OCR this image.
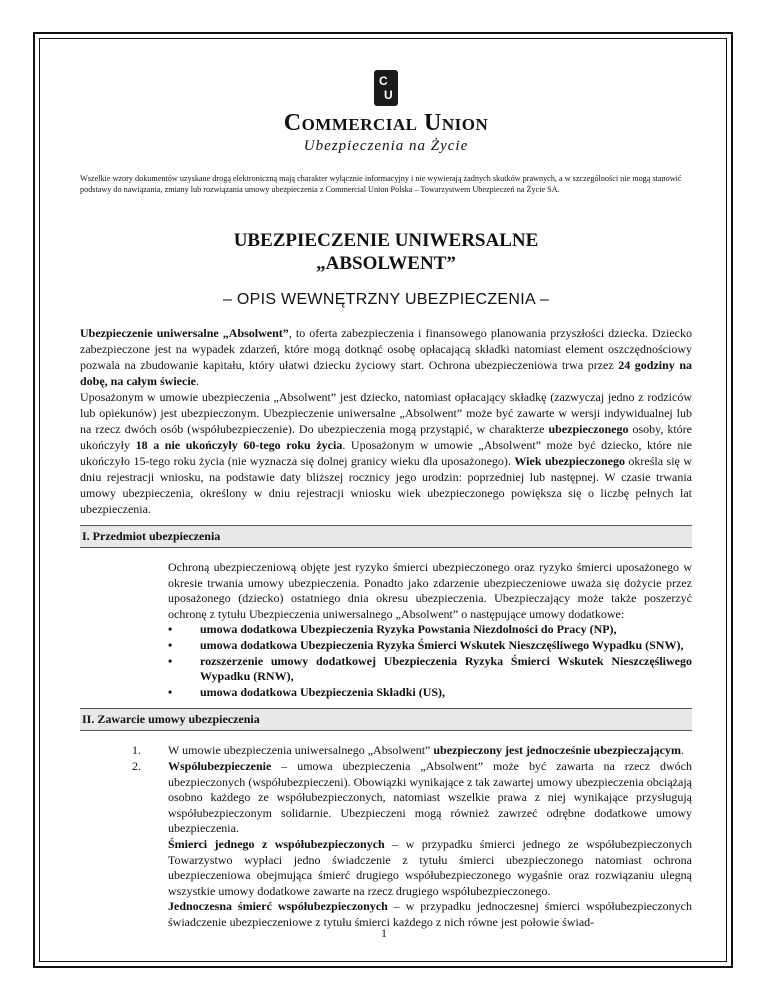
C
U
Commercial Union
Ubezpieczenia na Życie
Wszelkie wzory dokumentów uzyskane drogą elektroniczną mają charakter wyłącznie informacyjny i nie wywierają żadnych skutków prawnych, a w szczególności nie mogą stanowić podstawy do nawiązania, zmiany lub rozwiązania umowy ubezpieczenia z Commercial Union Polska – Towarzystwem Ubezpieczeń na Życie SA.
UBEZPIECZENIE UNIWERSALNE
„ABSOLWENT”
– OPIS WEWNĘTRZNY UBEZPIECZENIA –
Ubezpieczenie uniwersalne „Absolwent”, to oferta zabezpieczenia i finansowego planowania przyszłości dziecka. Dziecko zabezpieczone jest na wypadek zdarzeń, które mogą dotknąć osobę opłacającą składki natomiast element oszczędnościowy pozwala na zbudowanie kapitału, który ułatwi dziecku życiowy start. Ochrona ubezpieczeniowa trwa przez 24 godziny na dobę, na całym świecie.
Uposażonym w umowie ubezpieczenia „Absolwent” jest dziecko, natomiast opłacający składkę (zazwyczaj jedno z rodziców lub opiekunów) jest ubezpieczonym. Ubezpieczenie uniwersalne „Absolwent” może być zawarte w wersji indywidualnej lub na rzecz dwóch osób (współubezpieczenie). Do ubezpieczenia mogą przystąpić, w charakterze ubezpieczonego osoby, które ukończyły 18 a nie ukończyły 60-tego roku życia. Uposażonym w umowie „Absolwent” może być dziecko, które nie ukończyło 15-tego roku życia (nie wyznacza się dolnej granicy wieku dla uposażonego). Wiek ubezpieczonego określa się w dniu rejestracji wniosku, na podstawie daty bliższej rocznicy jego urodzin: poprzedniej lub następnej. W czasie trwania umowy ubezpieczenia, określony w dniu rejestracji wniosku wiek ubezpieczonego powiększa się o liczbę pełnych lat ubezpieczenia.
I. Przedmiot ubezpieczenia
Ochroną ubezpieczeniową objęte jest ryzyko śmierci ubezpieczonego oraz ryzyko śmierci uposażonego w okresie trwania umowy ubezpieczenia. Ponadto jako zdarzenie ubezpieczeniowe uważa się dożycie przez uposażonego (dziecko) ostatniego dnia okresu ubezpieczenia. Ubezpieczający może także poszerzyć ochronę z tytułu Ubezpieczenia uniwersalnego „Absolwent” o następujące umowy dodatkowe:
•	umowa dodatkowa Ubezpieczenia Ryzyka Powstania Niezdolności do Pracy (NP),
•	umowa dodatkowa Ubezpieczenia Ryzyka Śmierci Wskutek Nieszczęśliwego Wypadku (SNW),
•	rozszerzenie umowy dodatkowej Ubezpieczenia Ryzyka Śmierci Wskutek Nieszczęśliwego Wypadku (RNW),
•	umowa dodatkowa Ubezpieczenia Składki (US),
II. Zawarcie umowy ubezpieczenia
1.	W umowie ubezpieczenia uniwersalnego „Absolwent” ubezpieczony jest jednocześnie ubezpieczającym.
2.	Współubezpieczenie – umowa ubezpieczenia „Absolwent” może być zawarta na rzecz dwóch ubezpieczonych (współubezpieczeni). Obowiązki wynikające z tak zawartej umowy ubezpieczenia obciążają osobno każdego ze współubezpieczonych, natomiast wszelkie prawa z niej wynikające przysługują współubezpieczonym solidarnie. Ubezpieczeni mogą również zawrzeć odrębne dodatkowe umowy ubezpieczenia.
Śmierci jednego z współubezpieczonych – w przypadku śmierci jednego ze współubezpieczonych Towarzystwo wypłaci jedno świadczenie z tytułu śmierci ubezpieczonego natomiast ochrona ubezpieczeniowa obejmująca śmierć drugiego współubezpieczonego wygaśnie oraz rozwiązaniu ulegną wszystkie umowy dodatkowe zawarte na rzecz drugiego współubezpieczonego.
Jednoczesna śmierć współubezpieczonych – w przypadku jednoczesnej śmierci współubezpieczonych świadczenie ubezpieczeniowe z tytułu śmierci każdego z nich równe jest połowie świad-
1
